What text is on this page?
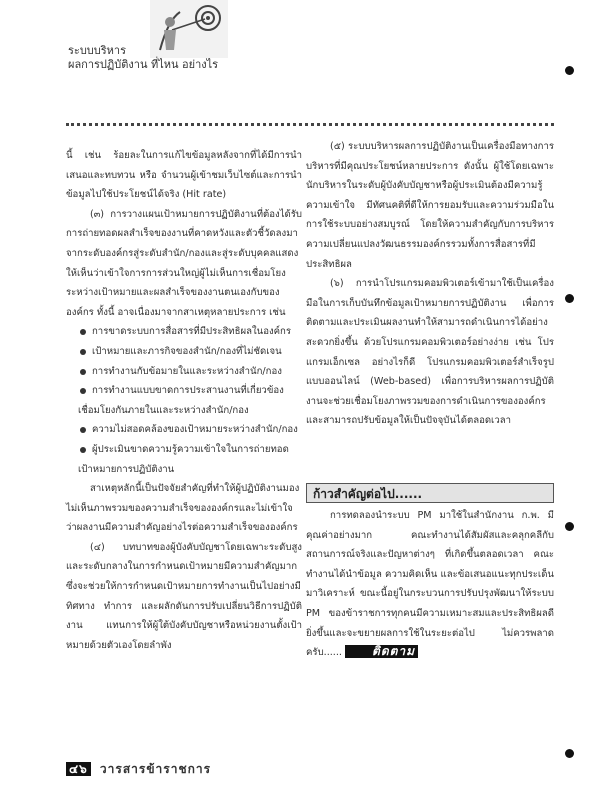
ระบบบริหาร
ผลการปฏิบัติงาน ที่ไหน อย่างไร

นี้ เช่น ร้อยละในการแก้ไขข้อมูลหลังจากที่ได้มีการนำเสนอและทบทวน หรือ จำนวนผู้เข้าชมเว็บไซต์และการนำข้อมูลไปใช้ประโยชน์ได้จริง (Hit rate)

(๓) การวางแผนเป้าหมายการปฏิบัติงานที่ต้องได้รับการถ่ายทอดผลสำเร็จของงานที่คาดหวังและตัวชี้วัดลงมาจากระดับองค์กรสู่ระดับสำนัก/กองและสู่ระดับบุคคลแสดงให้เห็นว่าเข้าใจการการส่วนใหญ่ผู้ไม่เห็นการเชื่อมโยงระหว่างเป้าหมายและผลสำเร็จของงานตนเองกับขององค์กร ทั้งนี้ อาจเนื่องมาจากสาเหตุหลายประการ เช่น

การขาดระบบการสื่อสารที่มีประสิทธิผลในองค์กร

เป้าหมายและภารกิจของสำนัก/กองที่ไม่ชัดเจน

การทำงานกับข้อมายในและระหว่างสำนัก/กอง

การทำงานแบบขาดการประสานงานที่เกี่ยวข้องเชื่อมโยงกันภายในและระหว่างสำนัก/กอง

ความไม่สอดคล้องของเป้าหมายระหว่างสำนัก/กอง

ผู้ประเมินขาดความรู้ความเข้าใจในการถ่ายทอดเป้าหมายการปฏิบัติงาน

สาเหตุหลักนี้เป็นปัจจัยสำคัญที่ทำให้ผู้ปฏิบัติงานมองไม่เห็นภาพรวมของความสำเร็จขององค์กรและไม่เข้าใจว่าผลงานมีความสำคัญอย่างไรต่อความสำเร็จขององค์กร

(๔) บทบาทของผู้บังคับบัญชาโดยเฉพาะระดับสูงและระดับกลางในการกำหนดเป้าหมายมีความสำคัญมาก ซึ่งจะช่วยให้การกำหนดเป้าหมายการทำงานเป็นไปอย่างมีทิศทาง ทำการ และผลักดันการปรับเปลี่ยนวิธีการปฏิบัติงาน แทนการให้ผู้ใต้บังคับบัญชาหรือหน่วยงานตั้งเป้าหมายด้วยตัวเองโดยลำพัง

(๕) ระบบบริหารผลการปฏิบัติงานเป็นเครื่องมือทางการบริหารที่มีคุณประโยชน์หลายประการ ดังนั้น ผู้ใช้โดยเฉพาะนักบริหารในระดับผู้บังคับบัญชาหรือผู้ประเมินต้องมีความรู้ความเข้าใจ มีทัศนคติที่ดีให้การยอมรับและความร่วมมือในการใช้ระบบอย่างสมบูรณ์ โดยให้ความสำคัญกับการบริหารความเปลี่ยนแปลงวัฒนธรรมองค์กรรวมทั้งการสื่อสารที่มีประสิทธิผล

(๖) การนำโปรแกรมคอมพิวเตอร์เข้ามาใช้เป็นเครื่องมือในการเก็บบันทึกข้อมูลเป้าหมายการปฏิบัติงาน เพื่อการติดตามและประเมินผลงานทำให้สามารถดำเนินการได้อย่างสะดวกยิ่งขึ้น ด้วยโปรแกรมคอมพิวเตอร์อย่างง่าย เช่น โปรแกรมเอ็กเซล อย่างไรก็ดี โปรแกรมคอมพิวเตอร์สำเร็จรูปแบบออนไลน์ (Web-based) เพื่อการบริหารผลการปฏิบัติงานจะช่วยเชื่อมโยงภาพรวมของการดำเนินการขององค์กรและสามารถปรับข้อมูลให้เป็นปัจจุบันได้ตลอดเวลา

ก้าวสำคัญต่อไป......

การทดลองนำระบบ PM มาใช้ในสำนักงาน ก.พ. มีคุณค่าอย่างมาก คณะทำงานได้สัมผัสและคลุกคลีกับสถานการณ์จริงและปัญหาต่างๆ ที่เกิดขึ้นตลอดเวลา คณะทำงานได้นำข้อมูล ความคิดเห็น และข้อเสนอแนะทุกประเด็นมาวิเคราะห์ ขณะนี้อยู่ในกระบวนการปรับปรุงพัฒนาให้ระบบ PM ของข้าราชการทุกคนมีความเหมาะสมและประสิทธิผลดียิ่งขึ้นและจะขยายผลการใช้ในระยะต่อไป ไม่ควรพลาดครับ......	ติดตาม

๔๖ วารสารข้าราชการ
